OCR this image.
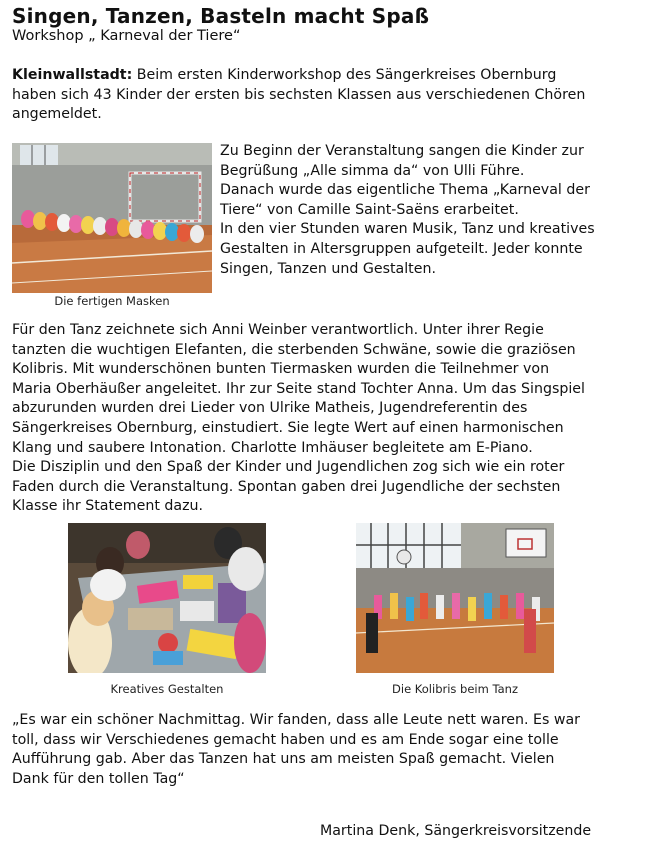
Singen, Tanzen, Basteln macht Spaß
Workshop „ Karneval der Tiere“
Kleinwallstadt: Beim ersten Kinderworkshop des Sängerkreises Obernburg
haben sich 43 Kinder der ersten bis sechsten Klassen aus verschiedenen Chören
angemeldet.
Die fertigen Masken
Zu Beginn der Veranstaltung sangen die Kinder zur
Begrüßung „Alle simma da“ von Ulli Führe.
Danach wurde das eigentliche Thema „Karneval der
Tiere“ von Camille Saint-Saëns erarbeitet.
In den vier Stunden waren Musik, Tanz und kreatives
Gestalten in Altersgruppen aufgeteilt. Jeder konnte
Singen, Tanzen und Gestalten.
Für den Tanz zeichnete sich Anni Weinber verantwortlich. Unter ihrer Regie
tanzten die wuchtigen Elefanten, die sterbenden Schwäne, sowie die graziösen
Kolibris. Mit wunderschönen bunten Tiermasken wurden die Teilnehmer von
Maria Oberhäußer angeleitet. Ihr zur Seite stand Tochter Anna. Um das Singspiel
abzurunden wurden drei Lieder von Ulrike Matheis, Jugendreferentin des
Sängerkreises Obernburg, einstudiert. Sie legte Wert auf einen harmonischen
Klang und saubere Intonation. Charlotte Imhäuser begleitete am E-Piano.
Die Disziplin und den Spaß der Kinder und Jugendlichen zog sich wie ein roter
Faden durch die Veranstaltung. Spontan gaben drei Jugendliche der sechsten
Klasse ihr Statement dazu.
Kreatives Gestalten	Die Kolibris beim Tanz
„Es war ein schöner Nachmittag. Wir fanden, dass alle Leute nett waren. Es war
toll, dass wir Verschiedenes gemacht haben und es am Ende sogar eine tolle
Aufführung gab. Aber das Tanzen hat uns am meisten Spaß gemacht. Vielen
Dank für den tollen Tag“
Martina Denk, Sängerkreisvorsitzende
